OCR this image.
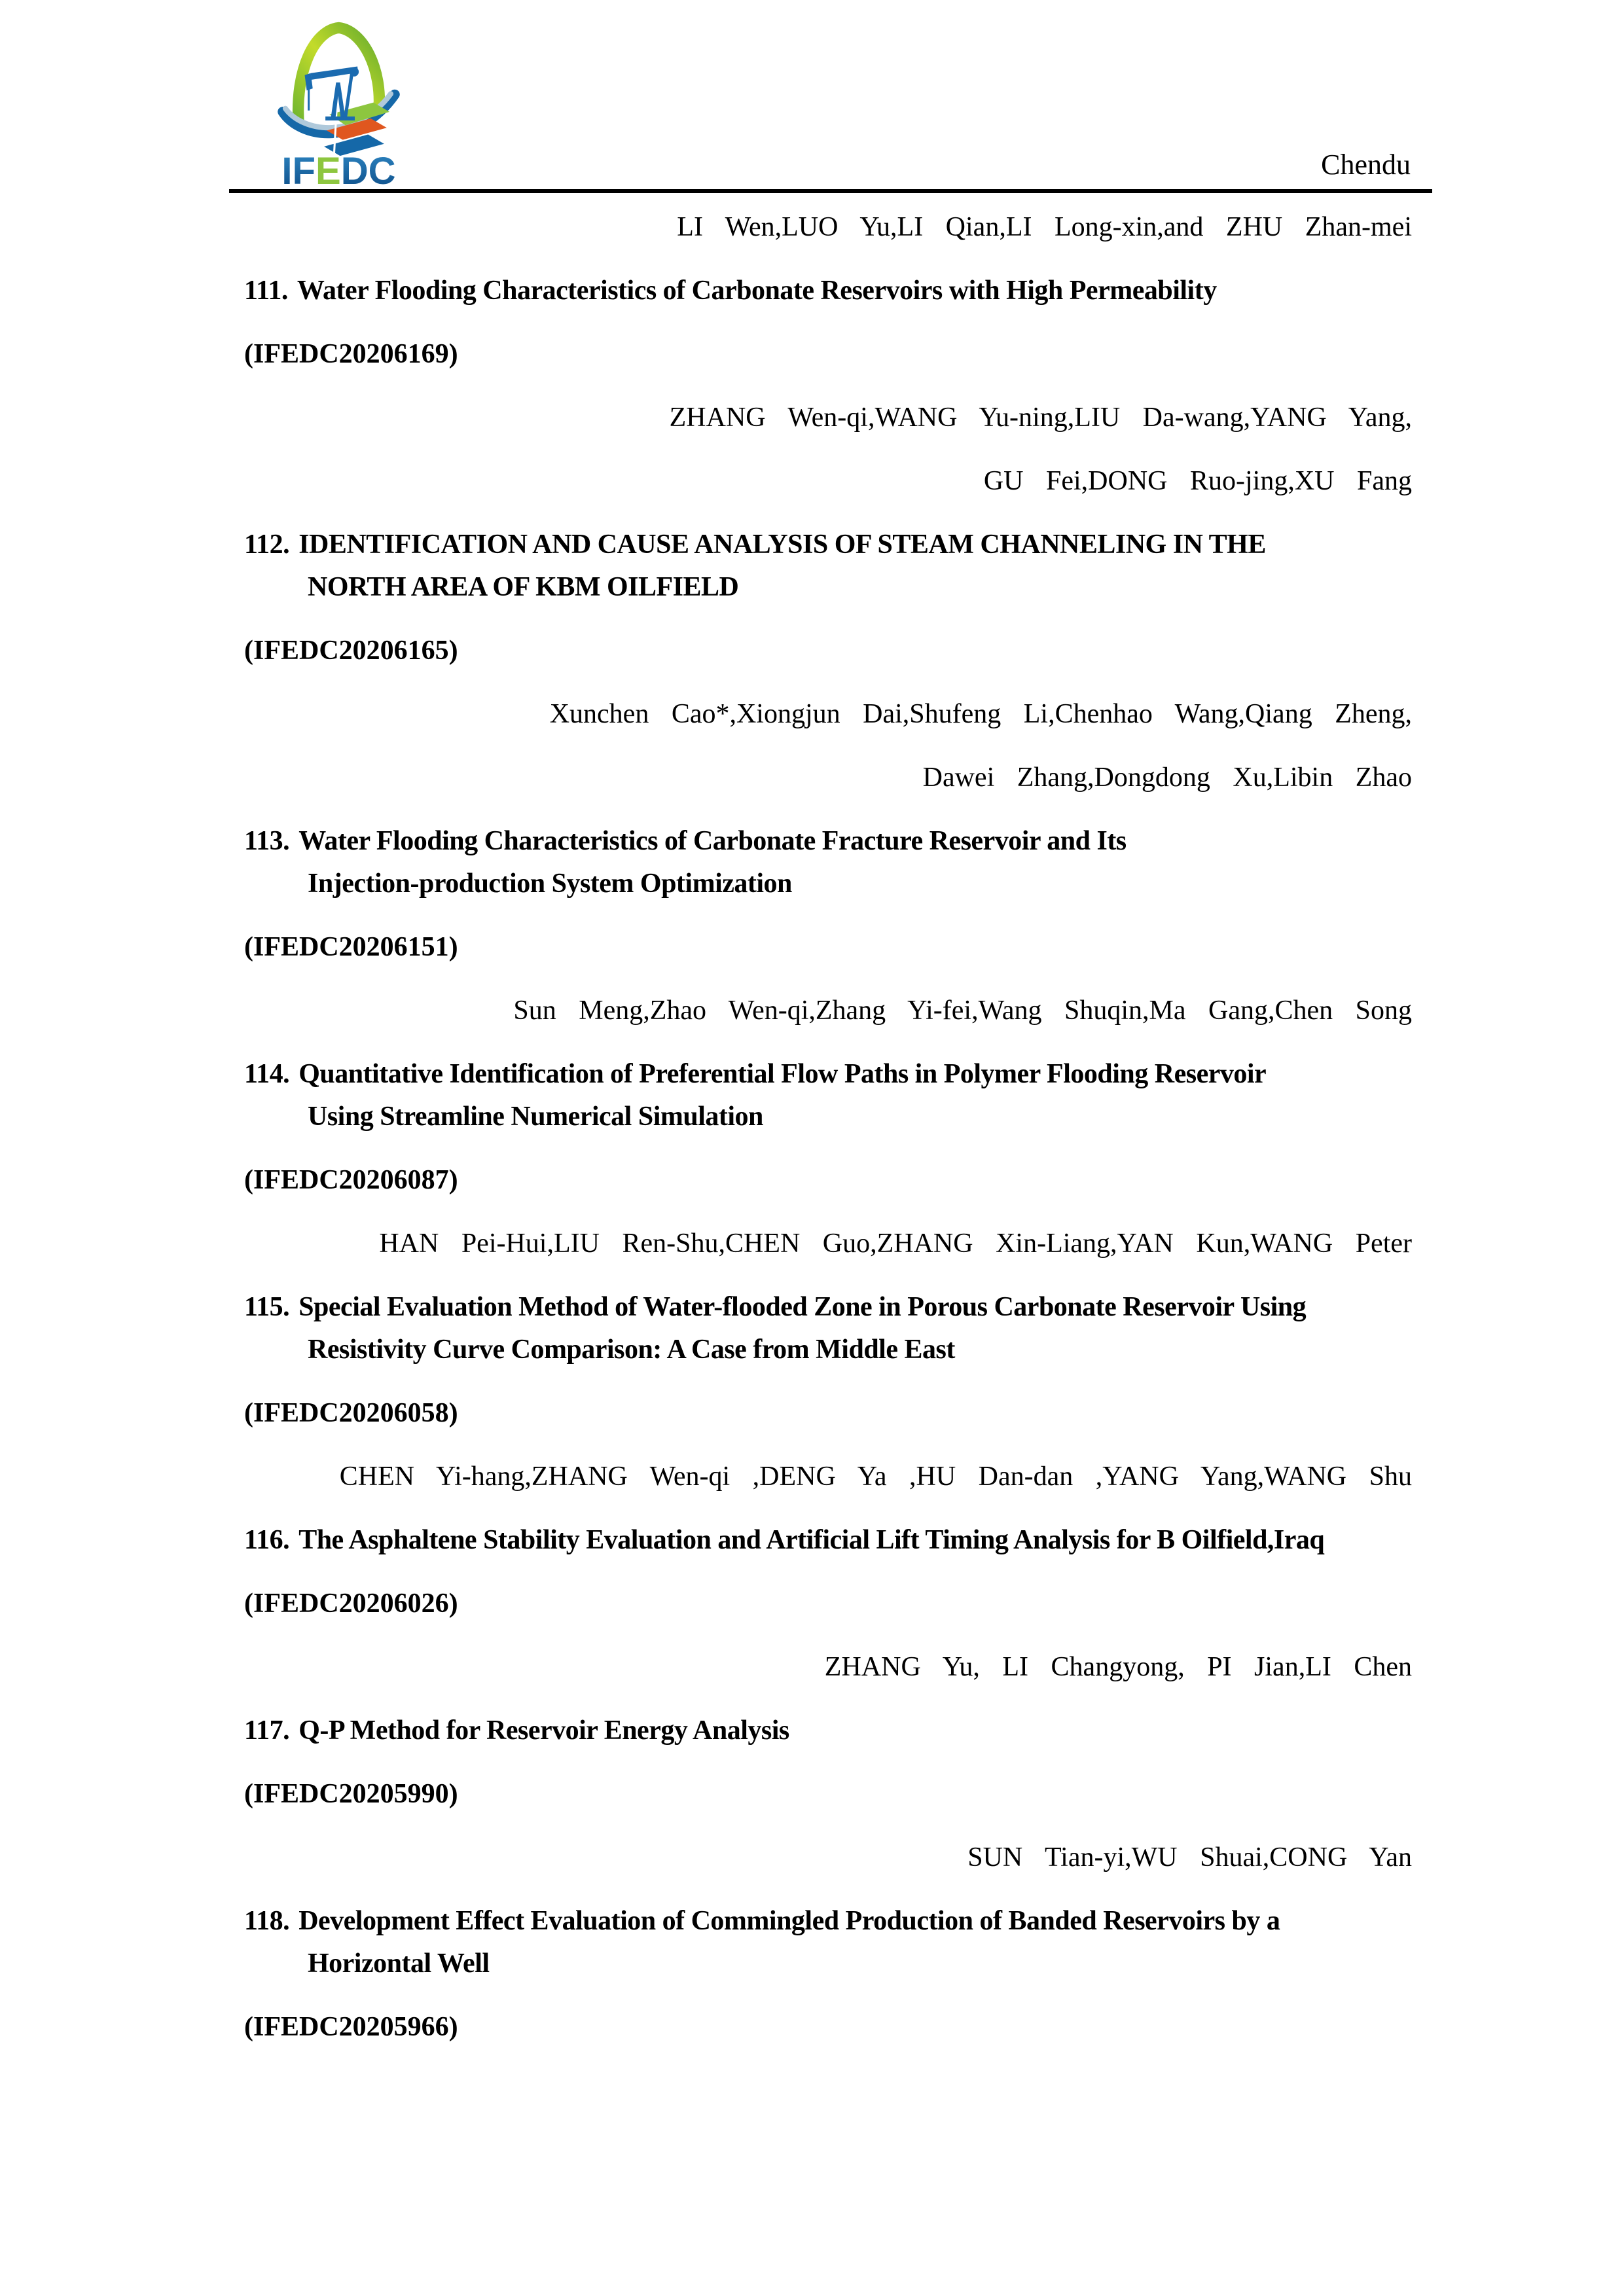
IFEDC	Chendu

LI Wen,LUO Yu,LI Qian,LI Long-xin,and ZHU Zhan-mei

111. Water Flooding Characteristics of Carbonate Reservoirs with High Permeability

(IFEDC20206169)

ZHANG Wen-qi,WANG Yu-ning,LIU Da-wang,YANG Yang,

GU Fei,DONG Ruo-jing,XU Fang

112. IDENTIFICATION AND CAUSE ANALYSIS OF STEAM CHANNELING IN THE
NORTH AREA OF KBM OILFIELD

(IFEDC20206165)

Xunchen Cao*,Xiongjun Dai,Shufeng Li,Chenhao Wang,Qiang Zheng,

Dawei Zhang,Dongdong Xu,Libin Zhao

113. Water Flooding Characteristics of Carbonate Fracture Reservoir and Its
Injection-production System Optimization

(IFEDC20206151)

Sun Meng,Zhao Wen-qi,Zhang Yi-fei,Wang Shuqin,Ma Gang,Chen Song

114. Quantitative Identification of Preferential Flow Paths in Polymer Flooding Reservoir
Using Streamline Numerical Simulation

(IFEDC20206087)

HAN Pei-Hui,LIU Ren-Shu,CHEN Guo,ZHANG Xin-Liang,YAN Kun,WANG Peter

115. Special Evaluation Method of Water-flooded Zone in Porous Carbonate Reservoir Using
Resistivity Curve Comparison: A Case from Middle East

(IFEDC20206058)

CHEN Yi-hang,ZHANG Wen-qi ,DENG Ya ,HU Dan-dan ,YANG Yang,WANG Shu

116. The Asphaltene Stability Evaluation and Artificial Lift Timing Analysis for B Oilfield,Iraq

(IFEDC20206026)

ZHANG Yu, LI Changyong, PI Jian,LI Chen

117. Q-P Method for Reservoir Energy Analysis

(IFEDC20205990)

SUN Tian-yi,WU Shuai,CONG Yan

118. Development Effect Evaluation of Commingled Production of Banded Reservoirs by a
Horizontal Well

(IFEDC20205966)
